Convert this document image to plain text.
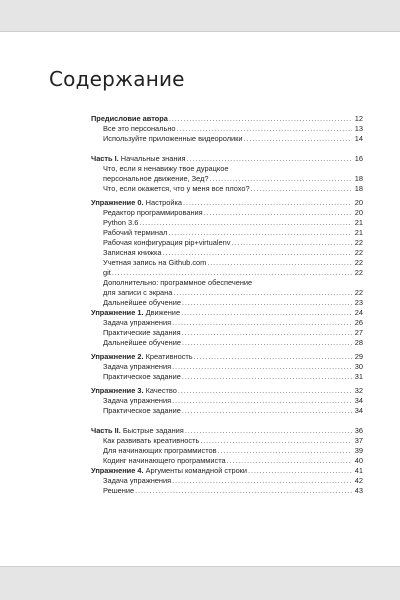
Содержание
Предисловие автора . . .	12
Все это персонально . . .	13
Используйте приложенные видеоролики . . .	14
Часть I. Начальные знания . . .	16
Что, если я ненавижу твое дурацкое
персональное движение, Зед? . . .	18
Что, если окажется, что у меня все плохо? . . .	18
Упражнение 0. Настройка . . .	20
Редактор программирования . . .	20
Python 3.6 . . .	21
Рабочий терминал . . .	21
Рабочая конфигурация pip+virtualenv . . .	22
Записная книжка . . .	22
Учетная запись на Github.com . . .	22
git . . .	22
Дополнительно: программное обеспечение
для записи с экрана . . .	22
Дальнейшее обучение . . .	23
Упражнение 1. Движение . . .	24
Задача упражнения . . .	26
Практические задания . . .	27
Дальнейшее обучение . . .	28
Упражнение 2. Креативность . . .	29
Задача упражнения . . .	30
Практическое задание . . .	31
Упражнение 3. Качество . . .	32
Задача упражнения . . .	34
Практическое задание . . .	34
Часть II. Быстрые задания . . .	36
Как развивать креативность . . .	37
Для начинающих программистов . . .	39
Кодинг начинающего программиста . . .	40
Упражнение 4. Аргументы командной строки . . .	41
Задача упражнения . . .	42
Решение . . .	43
